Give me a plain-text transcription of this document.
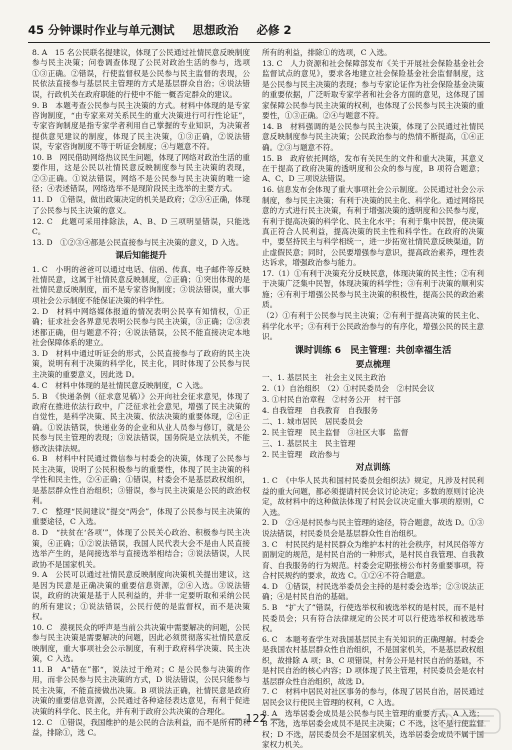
45 分钟课时作业与单元测试 思想政治 必修 2

8. A　15 名公民联名提建议，体现了公民通过社情民意反映制度参与民主决策；问卷调查体现了公民对政治生活的参与，选项①③正确。②错误，行使监督权是公民参与民主监督的表现，公民依法直接参与基层民主管理的方式是基层群众自治；④说法错误，行政机关在政府职能的行使中不能一概否定群众的建议。

9. B　本题考查公民参与民主决策的方式。材料中体现的是专家咨询制度，“由专家来对关系民生的重大决策进行可行性论证”，专家咨询制度是指专家学者利用自己掌握的专业知识，为决策者提供意见建议的制度，体现了民主决策，①③正确，②说法错误，专家咨询制度不等于听证会制度；④与题意不符。

10. B　网民借助网络热议民生问题，体现了网络对政治生活的重要作用，这是公民以社情民意反映制度参与民主决策的表现，②③正确。①说法错误，网络不是公民参与民主决策的唯一途径；④表述错误，网络选举不是现阶段民主选举的主要方式。

11. D　①错误，做出政策决定的机关是政府；②③④正确，体现了公民参与民主决策的意义。

12. C　此题可采用排除法，A、B、D 三项明显错误，只能选 C。

13. D　①②③④都是公民直接参与民主决策的意义，D 入选。

课后知能提升

1. C　小明的爸爸可以通过电话、信函、传真、电子邮件等反映社情民意，这属于社情民意反映制度，②正确；①突出体现的是社情民意反映制度，而不是专家咨询制度；③说法错误，重大事项社会公示制度不能保证决策的科学性。

2. D　材料中网络媒体报道的情况表明公民享有知情权，①正确；征求社会各界意见表明公民参与民主决策，③正确；②③表述都正确，但与题意不符；④说法错误，公民不能直接决定本地社会保障体系的建立。

3. D　材料中通过听证会的形式，公民直接参与了政府的民主决策，说明有利于决策的科学化，民主化，同时体现了公民参与民主决策的重要意义，因此选 D。

4. C　材料中体现的是社情民意反映制度，C 入选。

5. B　《快递条例（征求意见稿）》公开向社会征求意见，体现了政府在推进依法行政中，广泛征求社会意见，增强了民主决策的自觉性，是科学决策、民主决策、依法决策的重要体现，②④正确。①说法错误，快递业务的企业和从业人员参与修订，就是公民参与民主管理的表现；③说法错误，国务院是立法机关，不能修改法律法规。

6. B　材料中村民通过微信参与村委会的决策，体现了公民参与民主决策，说明了公民积极参与的重要性，体现了民主决策的科学性和民主性，②④正确；①错误，村委会不是基层政权组织，是基层群众性自治组织；③错误，参与民主决策是公民的政治权利。

7. C　整理“民间建议”提交“两会”，体现了公民参与民主决策的重要途径，C 入选。

8. D　“扶贫在‘各项’”，体现了公民关心政治、积极参与民主决策，④正确；①②说法错误，我国人民代表大会不是由人民直接选举产生的，是间接选举与直接选举相结合；③说法错误，人民政协不是国家机关。

9. A　公民可以通过社情民意反映制度向决策机关提出建议，这是因为民意是正确决策的重要信息资源，②④入选。③说法错误，政府的决策是基于人民利益的，并非一定要听取和采纳公民的所有建议；①说法错误，公民行使的是监督权，而不是决策权。

10. C　漠视民众的呼声是当前公共决策中需要解决的问题，公民参与民主决策是需要解决的问题，因此必须贯彻落实社情民意反映制度，重大事项社会公示制度，有利于政府科学决策、民主决策，C 入选。

11. B　A“错在”都“，说法过于绝对；C 是公民参与决策的作用，而非公民参与民主决策的方式，D 说法错误，公民只能参与民主决策，不能直接做出决策。B 项说法正确，社情民意是政府决策的重要信息资源，公民通过各种途径表达意见，有利于促进决策的科学化、民主化，并有利于政府公共决策的合理化。

12. C　①错误，我国维护的是公民的合法利益，而不是所有的利益，排除①，选 C。

所有的利益，排除①的选项，C 入选。

13. C　人力资源和社会保障部发布《关于开展社会保险基金社会监督试点的意见》，要求各地建立社会保险基金社会监督制度，这是公民参与民主决策的表现；参与专家论证作为社会保险基金决策的重要依据，广泛听取专家学者和社会各方面的意见，这体现了国家保障公民参与民主决策的权利，也体现了公民参与民主决策的重要性，①③正确。②④与题意不符。

14. B　材料强调的是公民参与民主决策，体现了公民通过社情民意反映制度参与民主决策；公民政治参与的热情不断提高，①④正确。②③与题意不符。

15. B　政府依托网络，发布有关民生的文件和重大决策，其意义在于提高了政府决策的透明度和公众的参与度，B 项符合题意；A、C、D 三项说法错误。

16. 信息发布会体现了重大事项社会公示制度。公民通过社会公示制度，参与民主决策；有利于决策的民主化、科学化。通过网络民意的方式进行民主决策，有利于增强决策的透明度和公民参与度，有利于提高决策的科学化、民主化水平；有利于集中民智，使决策真正符合人民利益，提高决策的民主性和科学性。在政府的决策中，要坚持民主与科学相统一，进一步拓宽社情民意反映渠道，防止虚假民意；同时，公民要增强参与意识，提高政治素养，理性表达诉求，增强政治参与能力。

17.（1）①有利于决策充分反映民意，体现决策的民主性；②有利于决策广泛集中民智，体现决策的科学性；③有利于决策的顺利实施；④有利于增强公民参与民主决策的积极性，提高公民的政治素质。

（2）①有利于公民参与民主决策；②有利于提高决策的民主化、科学化水平；③有利于公民政治参与的有序化，增强公民的民主意识。

课时训练 6　民主管理：共创幸福生活
要点梳理

一、1. 基层民主　社会主义民主政治

2.（1）自治组织　（2）①村民委员会　②村民会议

3. ①村民自治章程　②村务公开　村干部

4. 自我管理　自我教育　自我服务

二、1. 城市居民　居民委员会

2. 民主管理　民主监督　③社区大事　监督

三、1. 基层民主　民主管理

2. 民主管理　政治参与

对点训练

1. C　《中华人民共和国村民委员会组织法》规定，凡涉及村民利益的重大问题，都必须提请村民会议讨论决定；多数的原则讨论决定，故材料中的这种做法体现了村民会议决定重大事项的原则，C 入选。

2. D　②④是村民参与民主管理的途径，符合题意，故选 D。①③说法错误，村民委员会是基层群众性自治组织。

3. C　村民民约是村民群众为维护本村的社会秩序，村风民俗等方面制定的规范，是村民自治的一种形式，是村民自我管理、自我教育、自我服务的行为规范。村委会定期张榜公布村务重要事项，符合村民规约的要求，故选 C。①②④不符合题意。

4. D　①错误，村民选举委员会主持的是村委会选举；②③说法正确；④是村民自治的基础。

5. B　“扩大了”错误，行使选举权和被选举权的是村民，而不是村民委员会；只有符合法律规定的公民才可以行使选举权和被选举权。

6. C　本题考查学生对我国基层民主有关知识的正确理解。村委会是我国农村基层群众性自治组织，不是国家机关，不是基层政权组织，故排除 A 项；B、C 项错误，村务公开是村民自治的基础，不是村民自治的核心内容；D 项体现了民主管理，村民委员会是农村基层群众性自治组织，故选 D。

7. C　材料中居民对社区事务的参与，体现了居民自治，居民通过居民会议行使民主管理的权利，C 入选。

8. A　选举居委会成员是公民参与民主管理的重要方式，A 入选；B 不选，选举居委会成员不是民主决策；C 不选，这不是行使监督权；D 不选，居民委员会不是国家机关，选举居委会成员不属于国家权力机关。

— 122 —
